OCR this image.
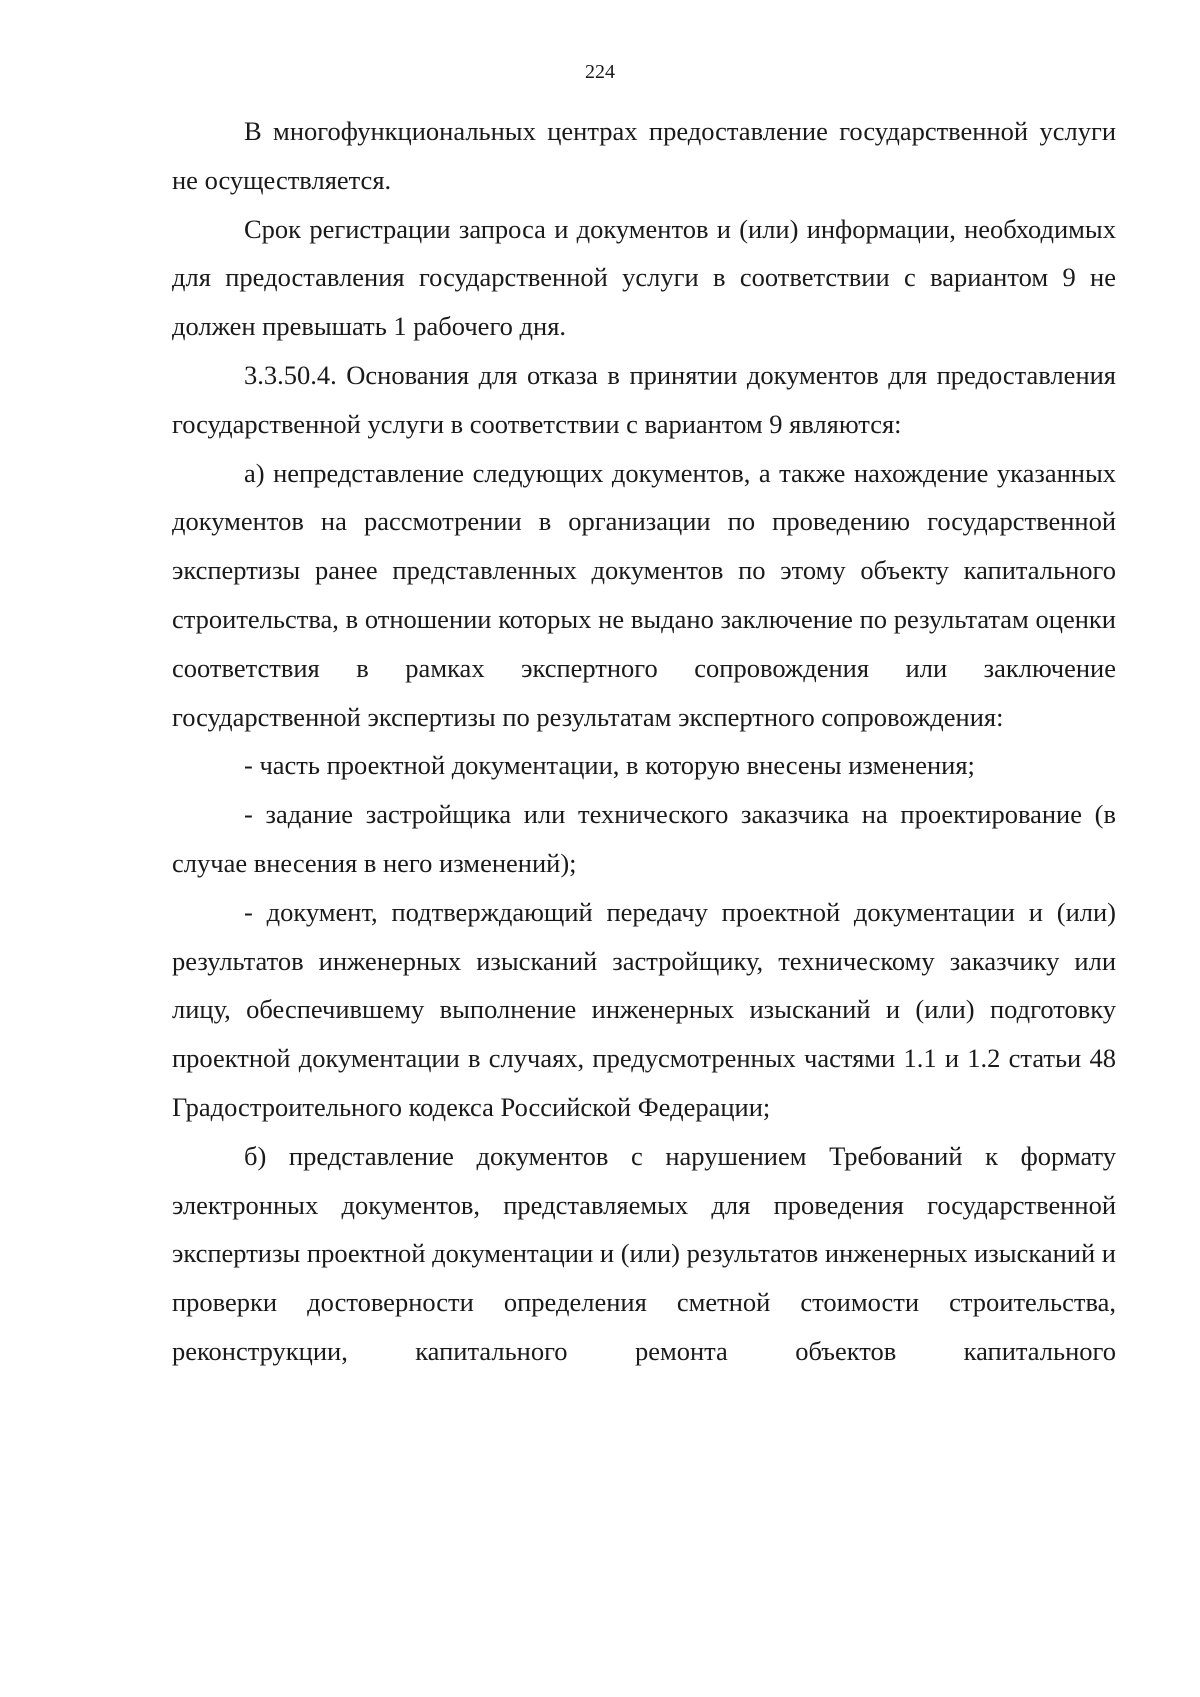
224

В многофункциональных центрах предоставление государственной услуги не осуществляется.

Срок регистрации запроса и документов и (или) информации, необходимых для предоставления государственной услуги в соответствии с вариантом 9 не должен превышать 1 рабочего дня.

3.3.50.4. Основания для отказа в принятии документов для предоставления государственной услуги в соответствии с вариантом 9 являются:

а) непредставление следующих документов, а также нахождение указанных документов на рассмотрении в организации по проведению государственной экспертизы ранее представленных документов по этому объекту капитального строительства, в отношении которых не выдано заключение по результатам оценки соответствия в рамках экспертного сопровождения или заключение государственной экспертизы по результатам экспертного сопровождения:

- часть проектной документации, в которую внесены изменения;

- задание застройщика или технического заказчика на проектирование (в случае внесения в него изменений);

- документ, подтверждающий передачу проектной документации и (или) результатов инженерных изысканий застройщику, техническому заказчику или лицу, обеспечившему выполнение инженерных изысканий и (или) подготовку проектной документации в случаях, предусмотренных частями 1.1 и 1.2 статьи 48 Градостроительного кодекса Российской Федерации;

б) представление документов с нарушением Требований к формату электронных документов, представляемых для проведения государственной экспертизы проектной документации и (или) результатов инженерных изысканий и проверки достоверности определения сметной стоимости строительства, реконструкции, капитального ремонта объектов капитального
